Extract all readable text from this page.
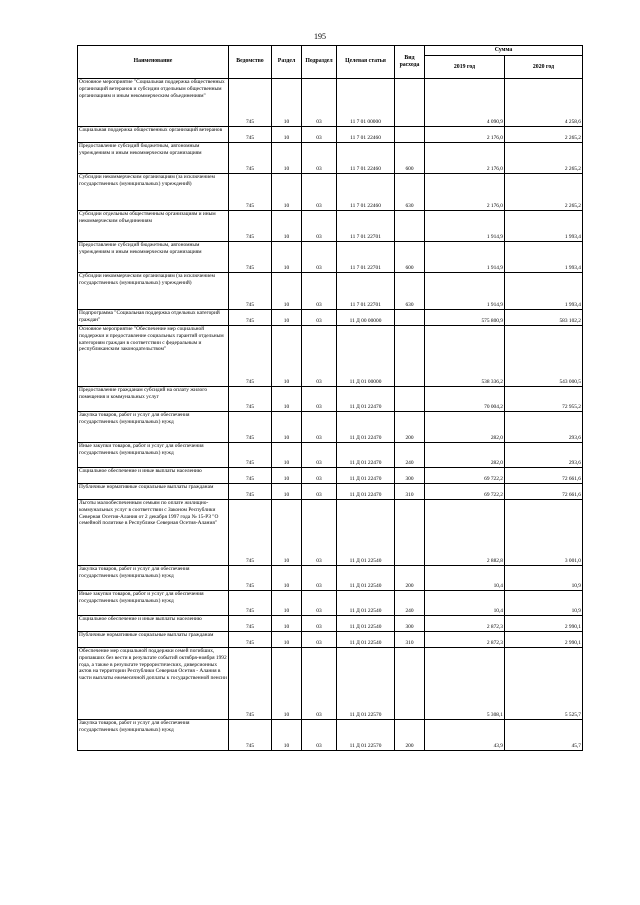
195
Наименование	Ведомство	Раздел	Подраздел	Целевая статья	Вид расхода	Сумма	
						2019 год	2020 год
Основное мероприятие "Социальная поддержка общественных организаций ветеранов и субсидии отдельным общественным организациям и иным некоммерческим объединениям"	745	10	03	11 7 01 00000		4 090,9	4 258,6
Социальная поддержка общественных организаций ветеранов	745	10	03	11 7 01 22460		2 176,0	2 265,2
Предоставление субсидий бюджетным, автономным учреждениям и иным некоммерческим организациям	745	10	03	11 7 01 22460	600	2 176,0	2 265,2
Субсидии некоммерческим организациям (за исключением государственных (муниципальных) учреждений)	745	10	03	11 7 01 22460	630	2 176,0	2 265,2
Субсидии отдельным общественным организациям и иным некоммерческим объединениям	745	10	03	11 7 01 22701		1 914,9	1 993,4
Предоставление субсидий бюджетным, автономным учреждениям и иным некоммерческим организациям	745	10	03	11 7 01 22701	600	1 914,9	1 993,4
Субсидии некоммерческим организациям (за исключением государственных (муниципальных) учреждений)	745	10	03	11 7 01 22701	630	1 914,9	1 993,4
Подпрограмма "Социальная поддержка отдельных категорий граждан"	745	10	03	11 Д 00 00000		575 800,9	583 102,2
Основное мероприятие "Обеспечение мер социальной поддержки и предоставление социальных гарантий отдельным категориям граждан в соответствии с федеральным и республиканским законодательством"	745	10	03	11 Д 01 00000		538 336,2	543 000,5
Предоставление гражданам субсидий на оплату жилого помещения и коммунальных услуг	745	10	03	11 Д 01 22470		70 004,2	72 955,2
Закупка товаров, работ и услуг для обеспечения государственных (муниципальных) нужд	745	10	03	11 Д 01 22470	200	282,0	293,6
Иные закупки товаров, работ и услуг для обеспечения государственных (муниципальных) нужд	745	10	03	11 Д 01 22470	240	282,0	293,6
Социальное обеспечение и иные выплаты населению	745	10	03	11 Д 01 22470	300	69 722,2	72 661,6
Публичные нормативные социальные выплаты гражданам	745	10	03	11 Д 01 22470	310	69 722,2	72 661,6
Льготы малообеспеченным семьям по оплате жилищно-коммунальных услуг в соответствии с Законом Республики Северная Осетия-Алания от 2 декабря 1997 года № 15-РЗ "О семейной политике в Республике Северная Осетия-Алания"	745	10	03	11 Д 01 22540		2 882,8	3 001,0
Закупка товаров, работ и услуг для обеспечения государственных (муниципальных) нужд	745	10	03	11 Д 01 22540	200	10,4	10,9
Иные закупки товаров, работ и услуг для обеспечения государственных (муниципальных) нужд	745	10	03	11 Д 01 22540	240	10,4	10,9
Социальное обеспечение и иные выплаты населению	745	10	03	11 Д 01 22540	300	2 872,3	2 990,1
Публичные нормативные социальные выплаты гражданам	745	10	03	11 Д 01 22540	310	2 872,3	2 990,1
Обеспечение мер социальной поддержки семей погибших, пропавших без вести в результате событий октября-ноября 1992 года, а также в результате террористических, диверсионных актов на территории Республики Северная Осетия - Алания в части выплаты ежемесячной доплаты к государственной пенсии	745	10	03	11 Д 01 22570		5 308,1	5 525,7
Закупка товаров, работ и услуг для обеспечения государственных (муниципальных) нужд	745	10	03	11 Д 01 22570	200	43,9	45,7
